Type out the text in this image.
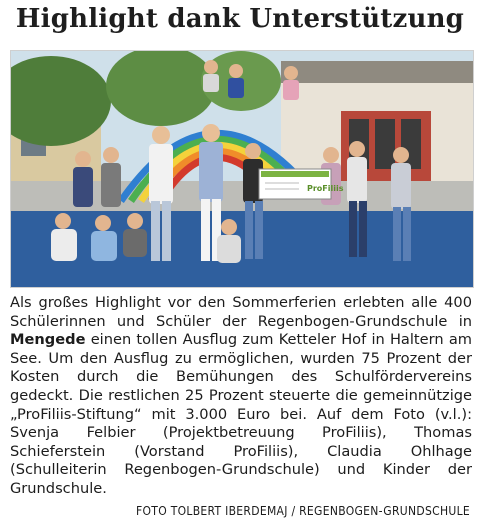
Highlight dank Unterstützung
ProFiliis
Als großes Highlight vor den Sommerferien erlebten alle 400 Schülerinnen und Schüler der Regenbogen-Grundschule in Mengede einen tollen Ausflug zum Ketteler Hof in Haltern am See. Um den Ausflug zu ermöglichen, wurden 75 Prozent der Kosten durch die Bemühungen des Schulfördervereins gedeckt. Die restlichen 25 Prozent steuerte die gemeinnützige „ProFiliis-Stiftung“ mit 3.000 Euro bei. Auf dem Foto (v.l.): Svenja Felbier (Projektbetreuung ProFiliis), Thomas Schieferstein (Vorstand ProFiliis), Claudia Ohlhage (Schulleiterin Regenbogen-Grundschule) und Kinder der Grundschule.
FOTO TOLBERT IBERDEMAJ / REGENBOGEN-GRUNDSCHULE
